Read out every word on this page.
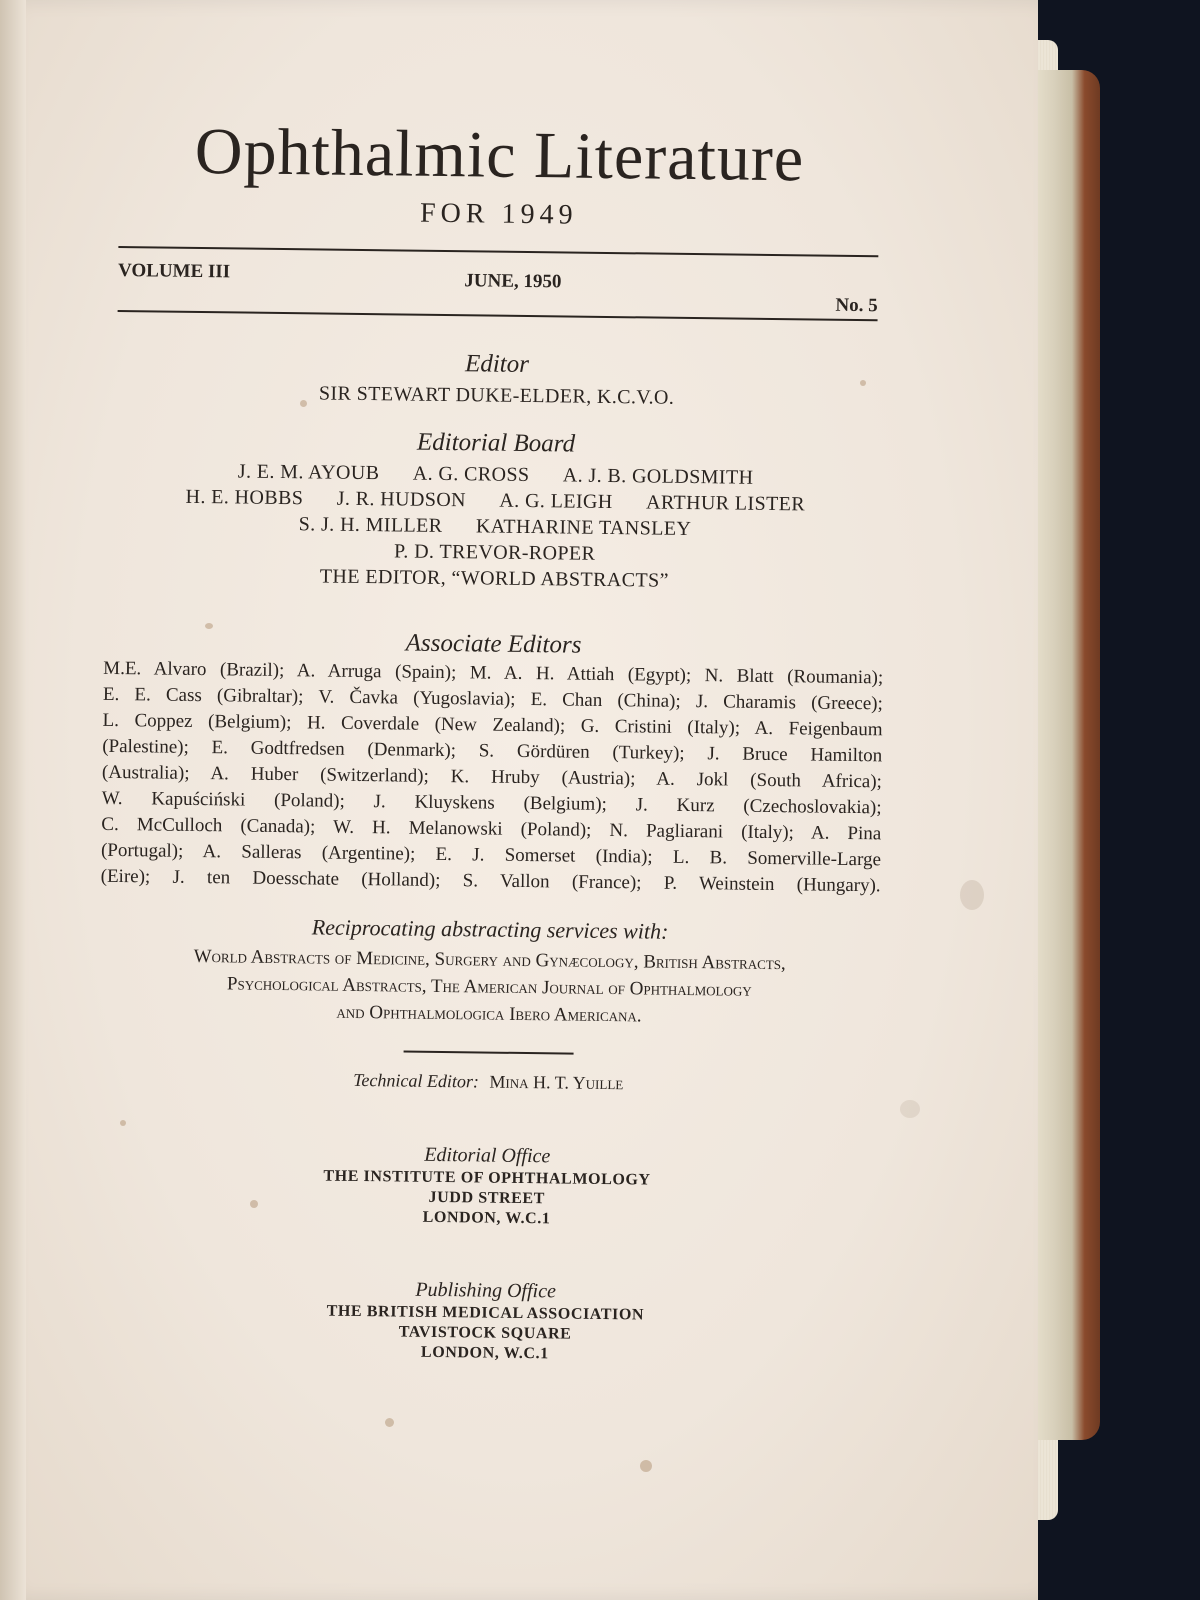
Ophthalmic Literature

FOR 1949

VOLUME III	JUNE, 1950
No. 5
Editor
SIR STEWART DUKE-ELDER, K.C.V.O.
Editorial Board
J. E. M. AYOUB A. G. CROSS A. J. B. GOLDSMITH
H. E. HOBBS J. R. HUDSON A. G. LEIGH ARTHUR LISTER
S. J. H. MILLER KATHARINE TANSLEY
P. D. TREVOR-ROPER
THE EDITOR, “WORLD ABSTRACTS”
Associate Editors
M.E. Alvaro (Brazil); A. Arruga (Spain); M. A. H. Attiah (Egypt); N. Blatt (Roumania);
E. E. Cass (Gibraltar); V. Čavka (Yugoslavia); E. Chan (China); J. Charamis (Greece);
L. Coppez (Belgium); H. Coverdale (New Zealand); G. Cristini (Italy); A. Feigenbaum
(Palestine); E. Godtfredsen (Denmark); S. Gördüren (Turkey); J. Bruce Hamilton
(Australia); A. Huber (Switzerland); K. Hruby (Austria); A. Jokl (South Africa);
W. Kapuściński (Poland); J. Kluyskens (Belgium); J. Kurz (Czechoslovakia);
C. McCulloch (Canada); W. H. Melanowski (Poland); N. Pagliarani (Italy); A. Pina
(Portugal); A. Salleras (Argentine); E. J. Somerset (India); L. B. Somerville-Large
(Eire); J. ten Doesschate (Holland); S. Vallon (France); P. Weinstein (Hungary).
Reciprocating abstracting services with:
World Abstracts of Medicine, Surgery and Gynæcology, British Abstracts,
Psychological Abstracts, The American Journal of Ophthalmology
and Ophthalmologica Ibero Americana.

Technical Editor: Mina H. T. Yuille

Editorial Office
THE INSTITUTE OF OPHTHALMOLOGY
JUDD STREET
LONDON, W.C.1
Publishing Office
THE BRITISH MEDICAL ASSOCIATION
TAVISTOCK SQUARE
LONDON, W.C.1
